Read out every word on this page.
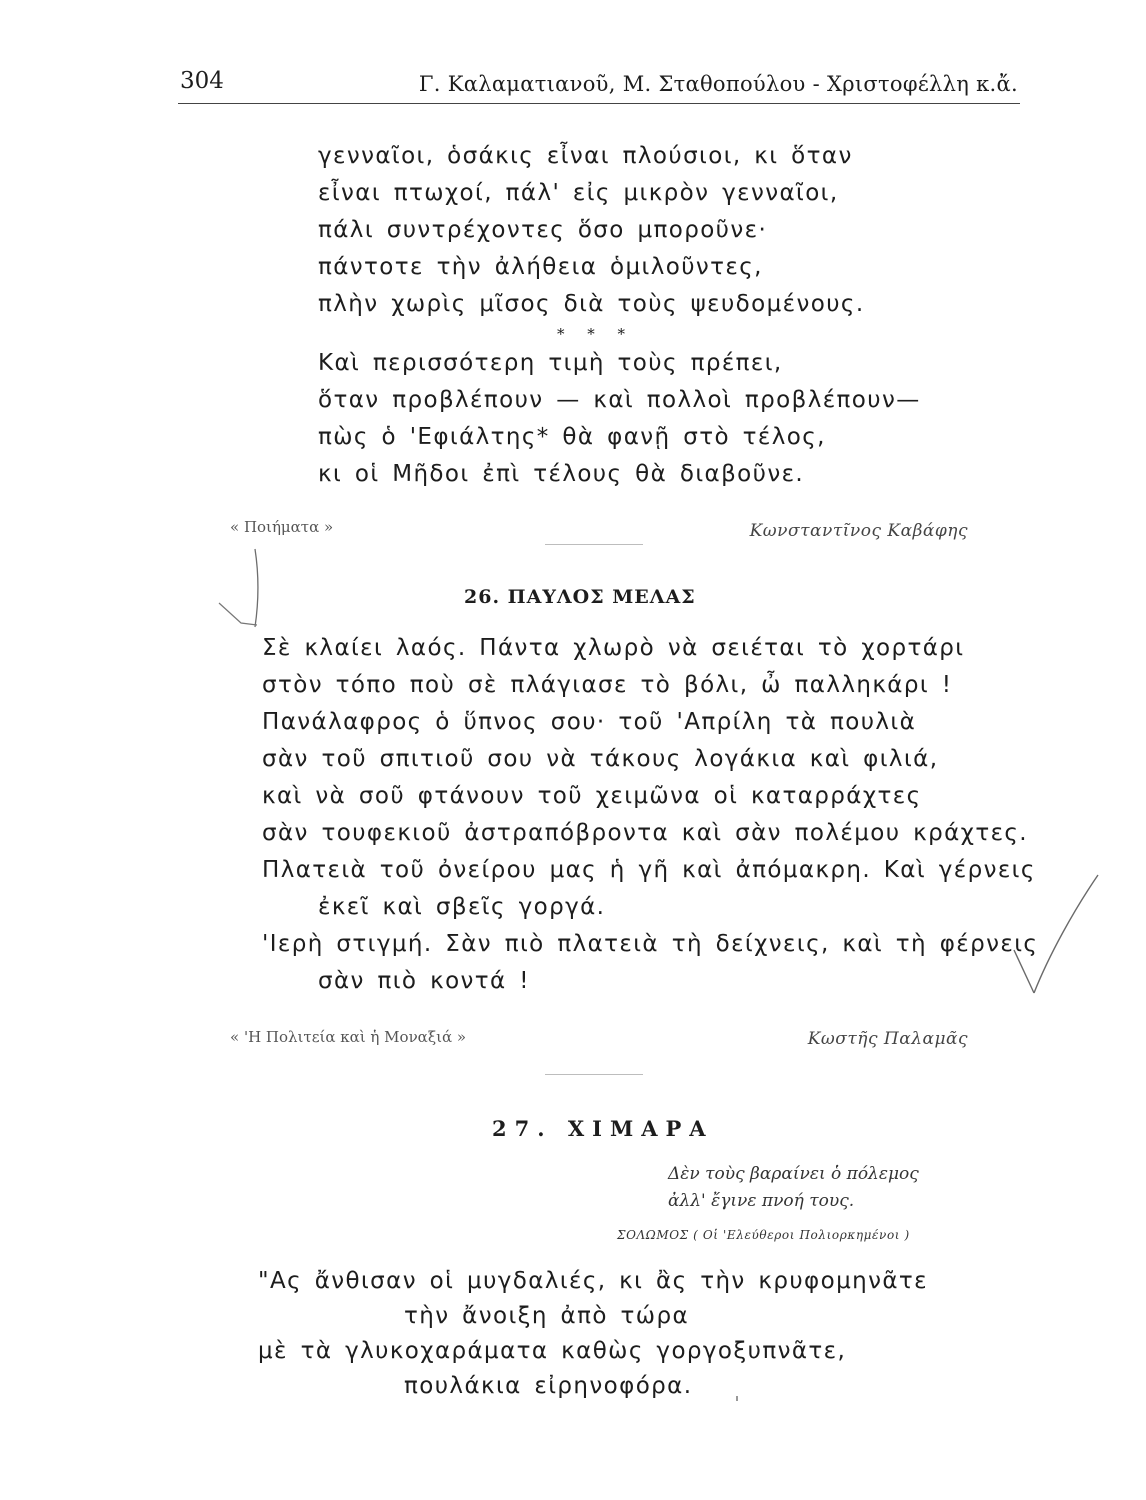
304	Γ. Καλαματιανοῦ, Μ. Σταθοπούλου - Χριστοφέλλη κ.ἄ.
γενναῖοι, ὁσάκις εἶναι πλούσιοι, κι ὅταν
εἶναι πτωχοί, πάλ' εἰς μικρὸν γενναῖοι,
πάλι συντρέχοντες ὅσο μποροῦνε·
πάντοτε τὴν ἀλήθεια ὁμιλοῦντες,
πλὴν χωρὶς μῖσος διὰ τοὺς ψευδομένους.
* * *
Καὶ περισσότερη τιμὴ τοὺς πρέπει,
ὅταν προβλέπουν — καὶ πολλοὶ προβλέπουν—
πὼς ὁ 'Εφιάλτης* θὰ φανῇ στὸ τέλος,
κι οἱ Μῆδοι ἐπὶ τέλους θὰ διαβοῦνε.
« Ποιήματα »	Κωνσταντῖνος Καβάφης
26. ΠΑΥΛΟΣ ΜΕΛΑΣ
Σὲ κλαίει λαός. Πάντα χλωρὸ νὰ σειέται τὸ χορτάρι
στὸν τόπο ποὺ σὲ πλάγιασε τὸ βόλι, ὦ παλληκάρι !
Πανάλαφρος ὁ ὕπνος σου· τοῦ 'Απρίλη τὰ πουλιὰ
σὰν τοῦ σπιτιοῦ σου νὰ τάκους λογάκια καὶ φιλιά,
καὶ νὰ σοῦ φτάνουν τοῦ χειμῶνα οἱ καταρράχτες
σὰν τουφεκιοῦ ἀστραπόβροντα καὶ σὰν πολέμου κράχτες.
Πλατειὰ τοῦ ὀνείρου μας ἡ γῆ καὶ ἀπόμακρη. Καὶ γέρνεις
ἐκεῖ καὶ σβεῖς γοργά.
'Ιερὴ στιγμή. Σὰν πιὸ πλατειὰ τὴ δείχνεις, καὶ τὴ φέρνεις
σὰν πιὸ κοντά !
« 'Η Πολιτεία καὶ ἡ Μοναξιά »	Κωστῆς Παλαμᾶς
27. ΧΙΜΑΡΑ
Δὲν τοὺς βαραίνει ὁ πόλεμος
ἀλλ' ἔγινε πνοή τους.
ΣΟΛΩΜΟΣ ( Οἱ 'Ελεύθεροι Πολιορκημένοι )
"Ας ἄνθισαν οἱ μυγδαλιές, κι ἂς τὴν κρυφομηνᾶτε
τὴν ἄνοιξη ἀπὸ τώρα
μὲ τὰ γλυκοχαράματα καθὼς γοργοξυπνᾶτε,
πουλάκια εἰρηνοφόρα.
